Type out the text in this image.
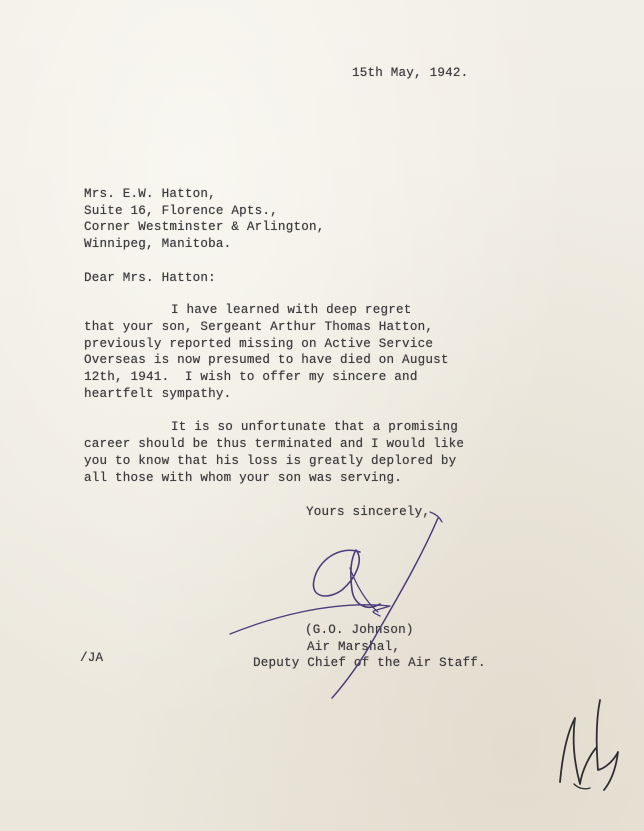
15th May, 1942.
Mrs. E.W. Hatton,
Suite 16, Florence Apts.,
Corner Westminster & Arlington,
Winnipeg, Manitoba.
Dear Mrs. Hatton:
I have learned with deep regret
that your son, Sergeant Arthur Thomas Hatton,
previously reported missing on Active Service
Overseas is now presumed to have died on August
12th, 1941.  I wish to offer my sincere and
heartfelt sympathy.
It is so unfortunate that a promising
career should be thus terminated and I would like
you to know that his loss is greatly deplored by
all those with whom your son was serving.
Yours sincerely,
(G.O. Johnson)
Air Marshal,
Deputy Chief of the Air Staff.
/JA
